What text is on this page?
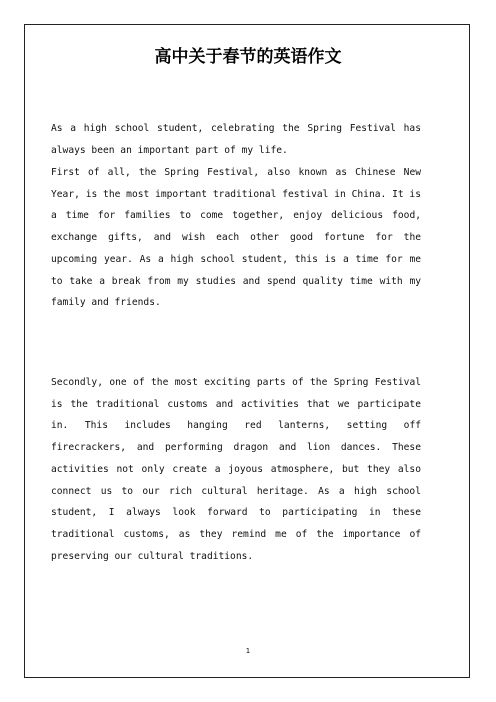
高中关于春节的英语作文

As a high school student, celebrating the Spring Festival has always been an important part of my life.

First of all, the Spring Festival, also known as Chinese New Year, is the most important traditional festival in China. It is a time for families to come together, enjoy delicious food, exchange gifts, and wish each other good fortune for the upcoming year. As a high school student, this is a time for me to take a break from my studies and spend quality time with my family and friends.

Secondly, one of the most exciting parts of the Spring Festival is the traditional customs and activities that we participate in. This includes hanging red lanterns, setting off firecrackers, and performing dragon and lion dances. These activities not only create a joyous atmosphere, but they also connect us to our rich cultural heritage. As a high school student, I always look forward to participating in these traditional customs, as they remind me of the importance of preserving our cultural traditions.

1
